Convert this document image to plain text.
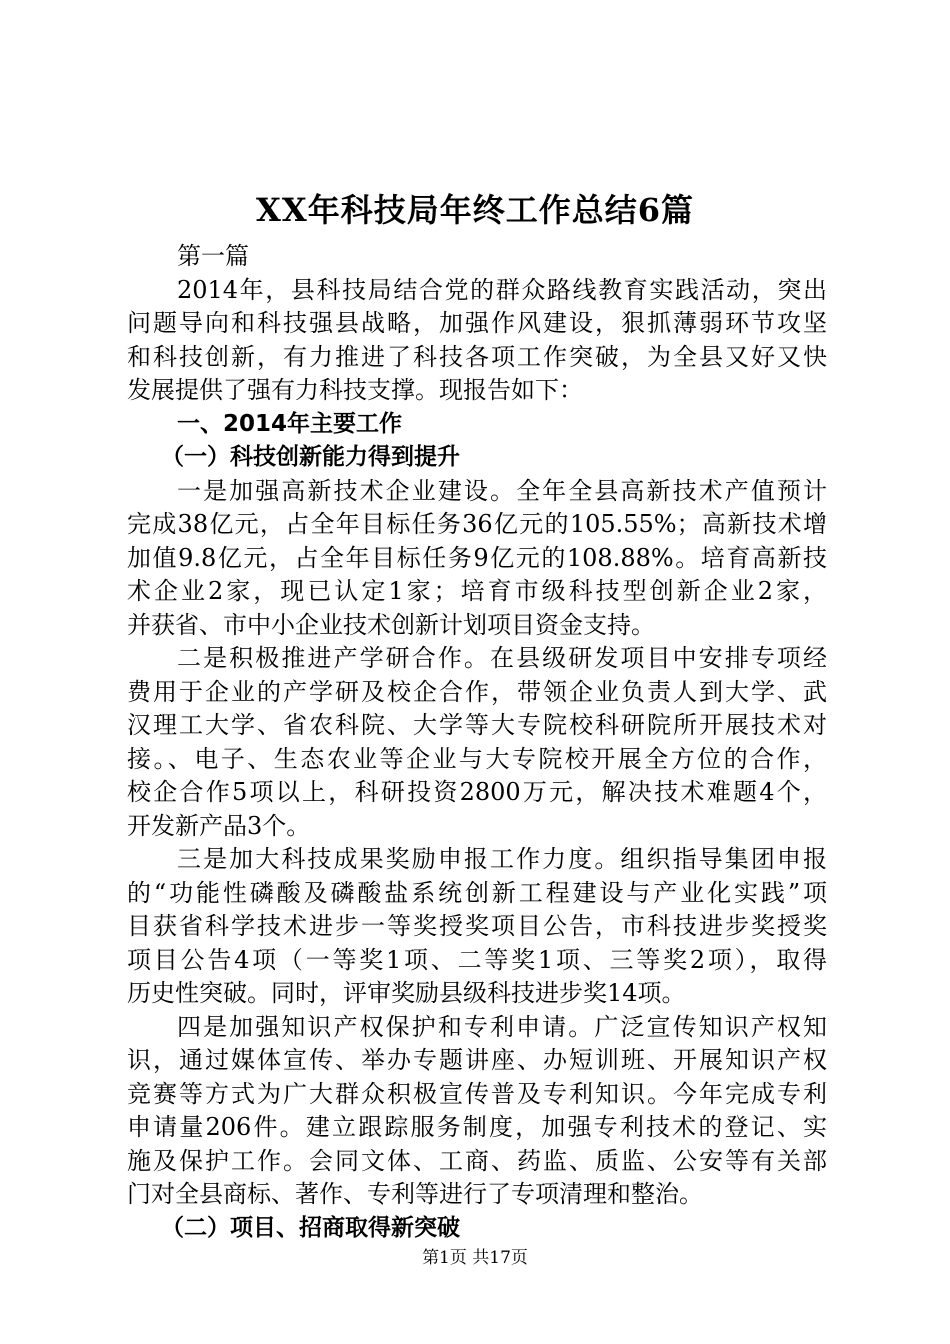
XX年科技局年终工作总结6篇
第一篇
2014年，县科技局结合党的群众路线教育实践活动，突出
问题导向和科技强县战略，加强作风建设，狠抓薄弱环节攻坚
和科技创新，有力推进了科技各项工作突破，为全县又好又快
发展提供了强有力科技支撑。现报告如下：
一、2014年主要工作
（一）科技创新能力得到提升
一是加强高新技术企业建设。全年全县高新技术产值预计
完成38亿元，占全年目标任务36亿元的105.55%；高新技术增
加值9.8亿元，占全年目标任务9亿元的108.88%。培育高新技
术企业2家，现已认定1家；培育市级科技型创新企业2家，
并获省、市中小企业技术创新计划项目资金支持。
二是积极推进产学研合作。在县级研发项目中安排专项经
费用于企业的产学研及校企合作，带领企业负责人到大学、武
汉理工大学、省农科院、大学等大专院校科研院所开展技术对
接。、电子、生态农业等企业与大专院校开展全方位的合作，
校企合作5项以上，科研投资2800万元，解决技术难题4个，
开发新产品3个。
三是加大科技成果奖励申报工作力度。组织指导集团申报
的“功能性磷酸及磷酸盐系统创新工程建设与产业化实践”项
目获省科学技术进步一等奖授奖项目公告，市科技进步奖授奖
项目公告4项（一等奖1项、二等奖1项、三等奖2项），取得
历史性突破。同时，评审奖励县级科技进步奖14项。
四是加强知识产权保护和专利申请。广泛宣传知识产权知
识，通过媒体宣传、举办专题讲座、办短训班、开展知识产权
竞赛等方式为广大群众积极宣传普及专利知识。今年完成专利
申请量206件。建立跟踪服务制度，加强专利技术的登记、实
施及保护工作。会同文体、工商、药监、质监、公安等有关部
门对全县商标、著作、专利等进行了专项清理和整治。
（二）项目、招商取得新突破
第1页 共17页
